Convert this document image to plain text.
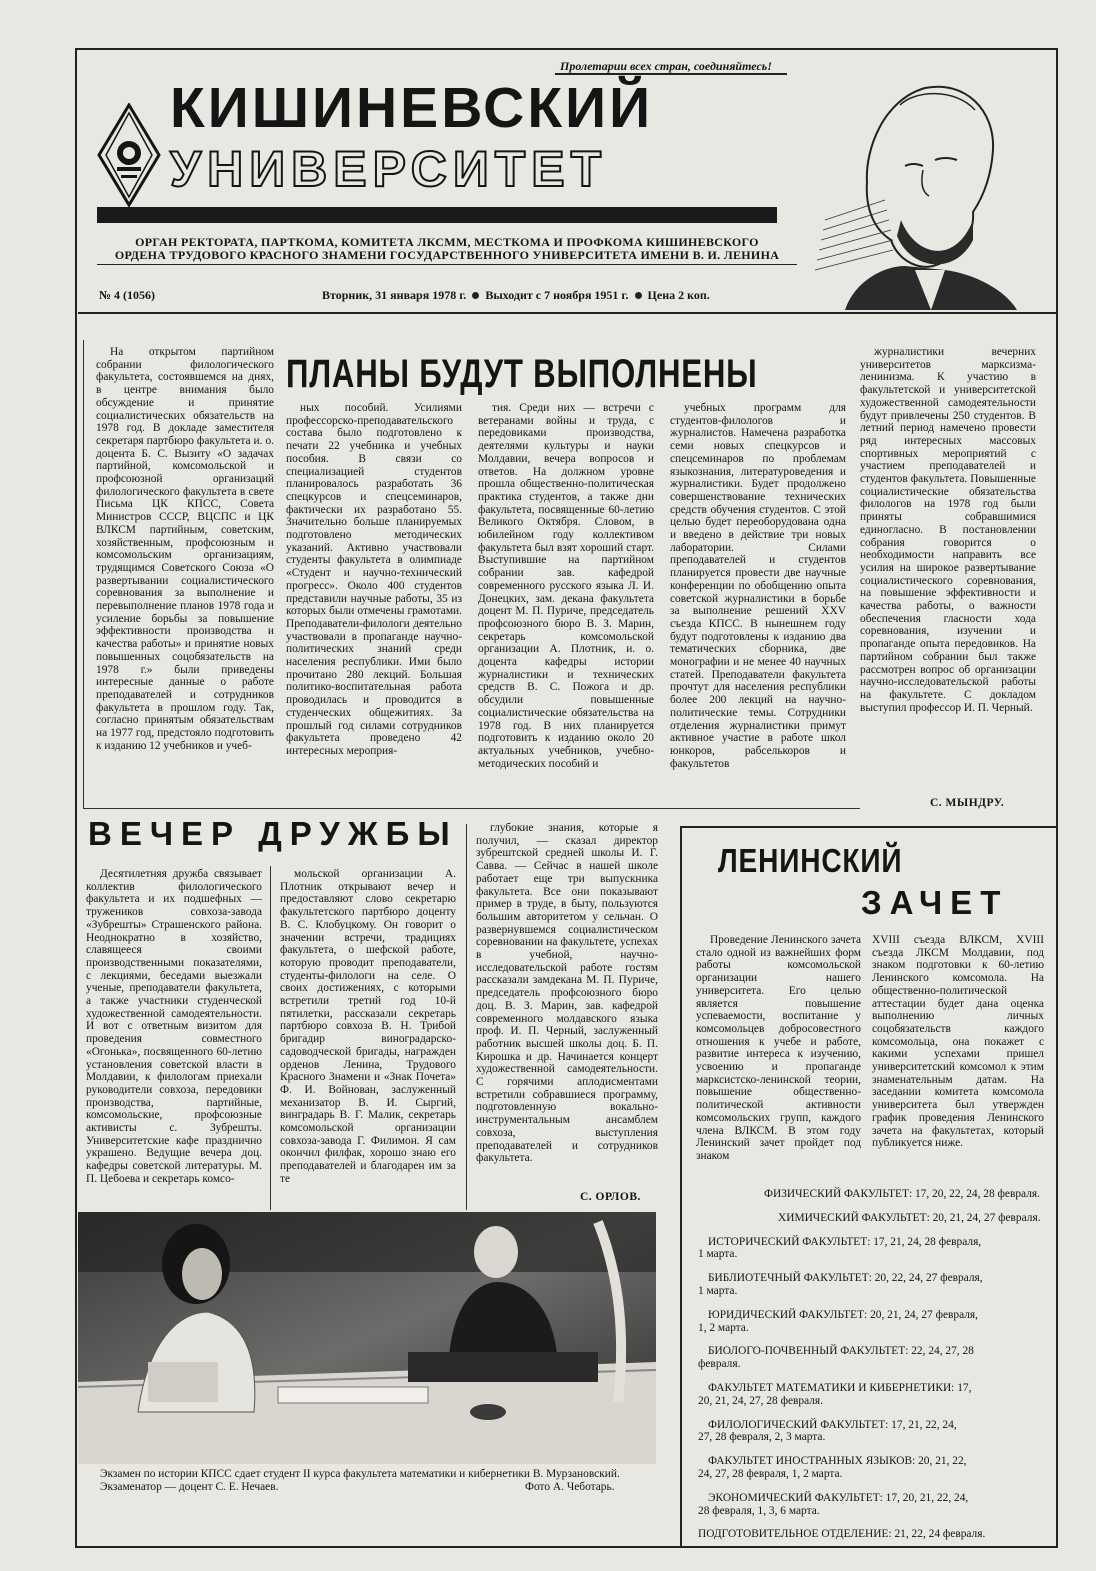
Пролетарии всех стран, соединяйтесь!
КИШИНЕВСКИЙ
УНИВЕРСИТЕТ
ОРГАН РЕКТОРАТА, ПАРТКОМА, КОМИТЕТА ЛКСММ, МЕСТКОМА И ПРОФКОМА КИШИНЕВСКОГО
ОРДЕНА ТРУДОВОГО КРАСНОГО ЗНАМЕНИ ГОСУДАРСТВЕННОГО УНИВЕРСИТЕТА ИМЕНИ В. И. ЛЕНИНА
№ 4 (1056)	Вторник, 31 января 1978 г. Выходит с 7 ноября 1951 г. Цена 2 коп.
ПЛАНЫ БУДУТ ВЫПОЛНЕНЫ

На открытом партийном собрании филологического факультета, состоявшемся на днях, в центре внимания было обсуждение и принятие социалистических обязательств на 1978 год. В докладе заместителя секретаря партбюро факультета и. о. доцента Б. С. Вызиту «О задачах партийной, комсомольской и профсоюзной организаций филологического факультета в свете Письма ЦК КПСС, Совета Министров СССР, ВЦСПС и ЦК ВЛКСМ партийным, советским, хозяйственным, профсоюзным и комсомольским организациям, трудящимся Советского Союза «О развертывании социалистического соревнования за выполнение и перевыполнение планов 1978 года и усиление борьбы за повышение эффективности производства и качества работы» и принятие новых повышенных соцобязательств на 1978 г.» были приведены интересные данные о работе преподавателей и сотрудников факультета в прошлом году. Так, согласно принятым обязательствам на 1977 год, предстояло подготовить к изданию 12 учебников и учеб-

ных пособий. Усилиями профессорско-преподавательского состава было подготовлено к печати 22 учебника и учебных пособия. В связи со специализацией студентов планировалось разработать 36 спецкурсов и спецсеминаров, фактически их разработано 55. Значительно больше планируемых подготовлено методических указаний. Активно участвовали студенты факультета в олимпиаде «Студент и научно-технический прогресс». Около 400 студентов представили научные работы, 35 из которых были отмечены грамотами. Преподаватели-филологи деятельно участвовали в пропаганде научно-политических знаний среди населения республики. Ими было прочитано 280 лекций. Большая политико-воспитательная работа проводилась и проводится в студенческих общежитиях. За прошлый год силами сотрудников факультета проведено 42 интересных мероприя-

тия. Среди них — встречи с ветеранами войны и труда, с передовиками производства, деятелями культуры и науки Молдавии, вечера вопросов и ответов. На должном уровне прошла общественно-политическая практика студентов, а также дни факультета, посвященные 60-летию Великого Октября. Словом, в юбилейном году коллективом факультета был взят хороший старт. Выступившие на партийном собрании зав. кафедрой современного русского языка Л. И. Донецких, зам. декана факультета доцент М. П. Пуриче, председатель профсоюзного бюро В. З. Марин, секретарь комсомольской организации А. Плотник, и. о. доцента кафедры истории журналистики и технических средств В. С. Пожога и др. обсудили повышенные социалистические обязательства на 1978 год. В них планируется подготовить к изданию около 20 актуальных учебников, учебно-методических пособий и

учебных программ для студентов-филологов и журналистов. Намечена разработка семи новых спецкурсов и спецсеминаров по проблемам языкознания, литературоведения и журналистики. Будет продолжено совершенствование технических средств обучения студентов. С этой целью будет переоборудована одна и введено в действие три новых лаборатории. Силами преподавателей и студентов планируется провести две научные конференции по обобщению опыта советской журналистики в борьбе за выполнение решений XXV съезда КПСС. В нынешнем году будут подготовлены к изданию два тематических сборника, две монографии и не менее 40 научных статей. Преподаватели факультета прочтут для населения республики более 200 лекций на научно-политические темы. Сотрудники отделения журналистики примут активное участие в работе школ юнкоров, рабселькоров и факультетов

журналистики вечерних университетов марксизма-ленинизма. К участию в факультетской и университетской художественной самодеятельности будут привлечены 250 студентов. В летний период намечено провести ряд интересных массовых спортивных мероприятий с участием преподавателей и студентов факультета. Повышенные социалистические обязательства филологов на 1978 год были приняты собравшимися единогласно. В постановлении собрания говорится о необходимости направить все усилия на широкое развертывание социалистического соревнования, на повышение эффективности и качества работы, о важности обеспечения гласности хода соревнования, изучении и пропаганде опыта передовиков. На партийном собрании был также рассмотрен вопрос об организации научно-исследовательской работы на факультете. С докладом выступил профессор И. П. Черный.

С. МЫНДРУ.
ВЕЧЕР ДРУЖБЫ

Десятилетняя дружба связывает коллектив филологического факультета и их подшефных — тружеников совхоза-завода «Зубрешты» Страшенского района. Неоднократно в хозяйство, славящееся своими производственными показателями, с лекциями, беседами выезжали ученые, преподаватели факультета, а также участники студенческой художественной самодеятельности. И вот с ответным визитом для проведения совместного «Огонька», посвященного 60-летию установления советской власти в Молдавии, к филологам приехали руководители совхоза, передовики производства, партийные, комсомольские, профсоюзные активисты с. Зубрешты. Университетские кафе празднично украшено. Ведущие вечера доц. кафедры советской литературы. М. П. Цебоева и секретарь комсо-

мольской организации А. Плотник открывают вечер и предоставляют слово секретарю факультетского партбюро доценту В. С. Клобуцкому. Он говорит о значении встречи, традициях факультета, о шефской работе, которую проводит преподаватели, студенты-филологи на селе. О своих достижениях, с которыми встретили третий год 10-й пятилетки, рассказали секретарь партбюро совхоза В. Н. Трибой бригадир виноградарско-садоводческой бригады, награжден орденов Ленина, Трудового Красного Знамени и «Знак Почета» Ф. И. Войнован, заслуженный механизатор В. И. Сыргий, винградарь В. Г. Малик, секретарь комсомольской организации совхоза-завода Г. Филимон. Я сам окончил филфак, хорошо знаю его преподавателей и благодарен им за те

глубокие знания, которые я получил, — сказал директор зубрештской средней школы И. Г. Савва. — Сейчас в нашей школе работает еще три выпускника факультета. Все они показывают пример в труде, в быту, пользуются большим авторитетом у сельчан. О развернувшемся социалистическом соревновании на факультете, успехах в учебной, научно-исследовательской работе гостям рассказали замдекана М. П. Пуриче, председатель профсоюзного бюро доц. В. З. Марин, зав. кафедрой современного молдавского языка проф. И. П. Черный, заслуженный работник высшей школы доц. Б. П. Кирошка и др. Начинается концерт художественной самодеятельности. С горячими аплодисментами встретили собравшиеся программу, подготовленную вокально-инструментальным ансамблем совхоза, выступления преподавателей и сотрудников факультета.

С. ОРЛОВ.
ЛЕНИНСКИЙ
ЗАЧЕТ

Проведение Ленинского зачета стало одной из важнейших форм работы комсомольской организации нашего университета. Его целью является повышение успеваемости, воспитание у комсомольцев добросовестного отношения к учебе и работе, развитие интереса к изучению, усвоению и пропаганде марксистско-ленинской теории, повышение общественно-политической активности комсомольских групп, каждого члена ВЛКСМ. В этом году Ленинский зачет пройдет под знаком

XVIII съезда ВЛКСМ, XVIII съезда ЛКСМ Молдавии, под знаком подготовки к 60-летию Ленинского комсомола. На общественно-политической аттестации будет дана оценка выполнению личных соцобязательств каждого комсомольца, она покажет с какими успехами пришел университетский комсомол к этим знаменательным датам. На заседании комитета комсомола университета был утвержден график проведения Ленинского зачета на факультетах, который публикуется ниже.

ФИЗИЧЕСКИЙ ФАКУЛЬТЕТ: 17, 20, 22, 24, 28 февраля.
ХИМИЧЕСКИЙ ФАКУЛЬТЕТ: 20, 21, 24, 27 февраля.
ИСТОРИЧЕСКИЙ ФАКУЛЬТЕТ: 17, 21, 24, 28 февраля,
1 марта.
БИБЛИОТЕЧНЫЙ ФАКУЛЬТЕТ: 20, 22, 24, 27 февраля,
1 марта.
ЮРИДИЧЕСКИЙ ФАКУЛЬТЕТ: 20, 21, 24, 27 февраля,
1, 2 марта.
БИОЛОГО-ПОЧВЕННЫЙ ФАКУЛЬТЕТ: 22, 24, 27, 28
февраля.
ФАКУЛЬТЕТ МАТЕМАТИКИ И КИБЕРНЕТИКИ: 17,
20, 21, 24, 27, 28 февраля.
ФИЛОЛОГИЧЕСКИЙ ФАКУЛЬТЕТ: 17, 21, 22, 24,
27, 28 февраля, 2, 3 марта.
ФАКУЛЬТЕТ ИНОСТРАННЫХ ЯЗЫКОВ: 20, 21, 22,
24, 27, 28 февраля, 1, 2 марта.
ЭКОНОМИЧЕСКИЙ ФАКУЛЬТЕТ: 17, 20, 21, 22, 24,
28 февраля, 1, 3, 6 марта.
ПОДГОТОВИТЕЛЬНОЕ ОТДЕЛЕНИЕ: 21, 22, 24 февраля.
Экзамен по истории КПСС сдает студент II курса факультета математики и кибернетики В. Мурзановский. Экзаменатор — доцент С. Е. Нечаев.	Фото А. Чеботарь.
